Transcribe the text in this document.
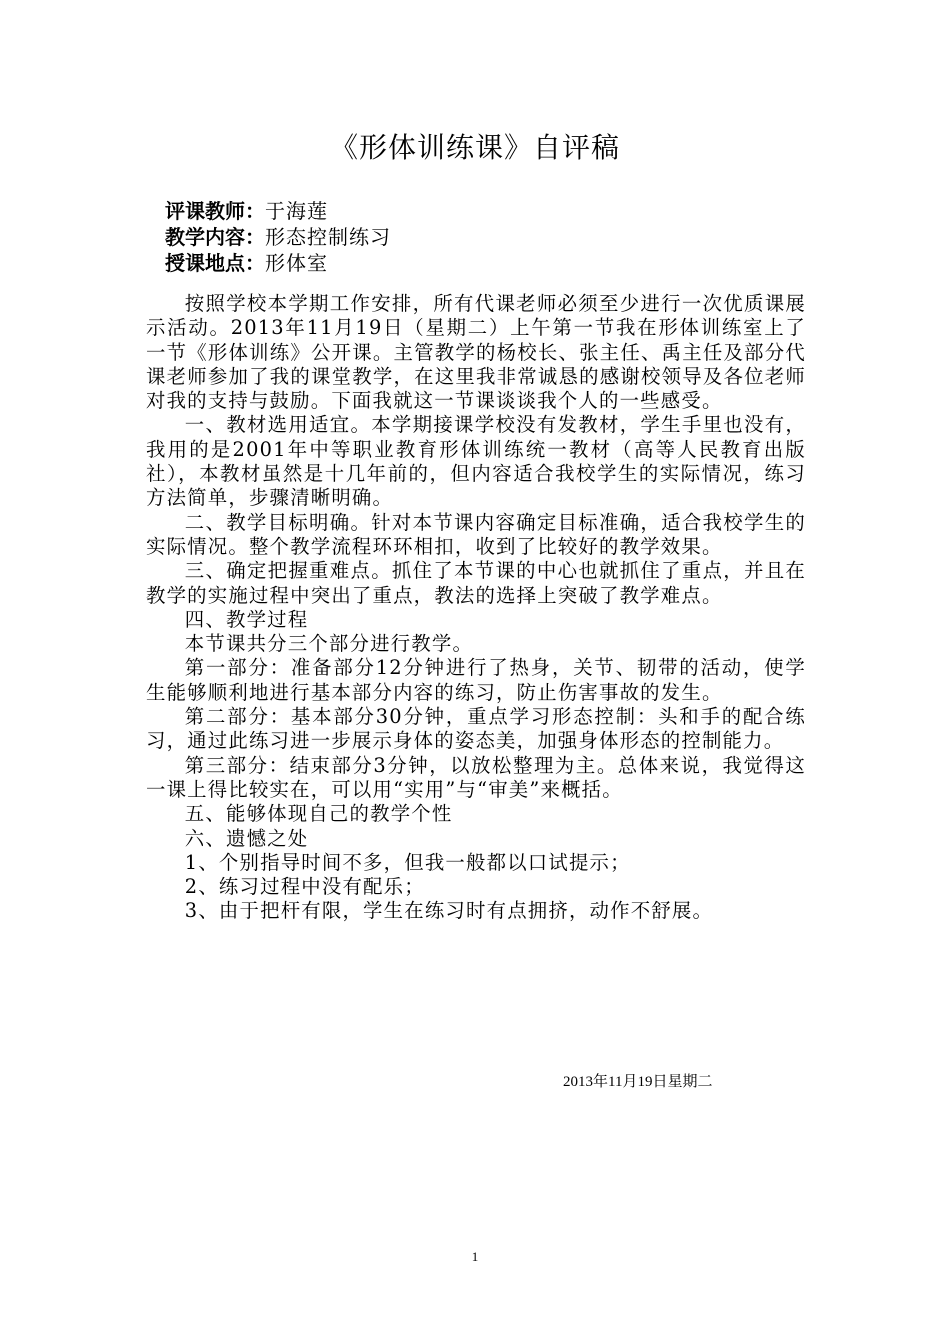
《形体训练课》自评稿
评课教师：于海莲
教学内容：形态控制练习
授课地点：形体室

按照学校本学期工作安排，所有代课老师必须至少进行一次优质课展示活动。2013年11月19日（星期二）上午第一节我在形体训练室上了一节《形体训练》公开课。主管教学的杨校长、张主任、禹主任及部分代课老师参加了我的课堂教学，在这里我非常诚恳的感谢校领导及各位老师对我的支持与鼓励。下面我就这一节课谈谈我个人的一些感受。

一、教材选用适宜。本学期接课学校没有发教材，学生手里也没有，我用的是2001年中等职业教育形体训练统一教材（高等人民教育出版社），本教材虽然是十几年前的，但内容适合我校学生的实际情况，练习方法简单，步骤清晰明确。

二、教学目标明确。针对本节课内容确定目标准确，适合我校学生的实际情况。整个教学流程环环相扣，收到了比较好的教学效果。

三、确定把握重难点。抓住了本节课的中心也就抓住了重点，并且在教学的实施过程中突出了重点，教法的选择上突破了教学难点。

四、教学过程

本节课共分三个部分进行教学。

第一部分：准备部分12分钟进行了热身，关节、韧带的活动，使学生能够顺利地进行基本部分内容的练习，防止伤害事故的发生。

第二部分：基本部分30分钟，重点学习形态控制：头和手的配合练习，通过此练习进一步展示身体的姿态美，加强身体形态的控制能力。

第三部分：结束部分3分钟，以放松整理为主。总体来说，我觉得这一课上得比较实在，可以用“实用”与“审美”来概括。

五、能够体现自己的教学个性

六、遗憾之处

1、个别指导时间不多，但我一般都以口试提示；

2、练习过程中没有配乐；

3、由于把杆有限，学生在练习时有点拥挤，动作不舒展。

2013年11月19日星期二
1
